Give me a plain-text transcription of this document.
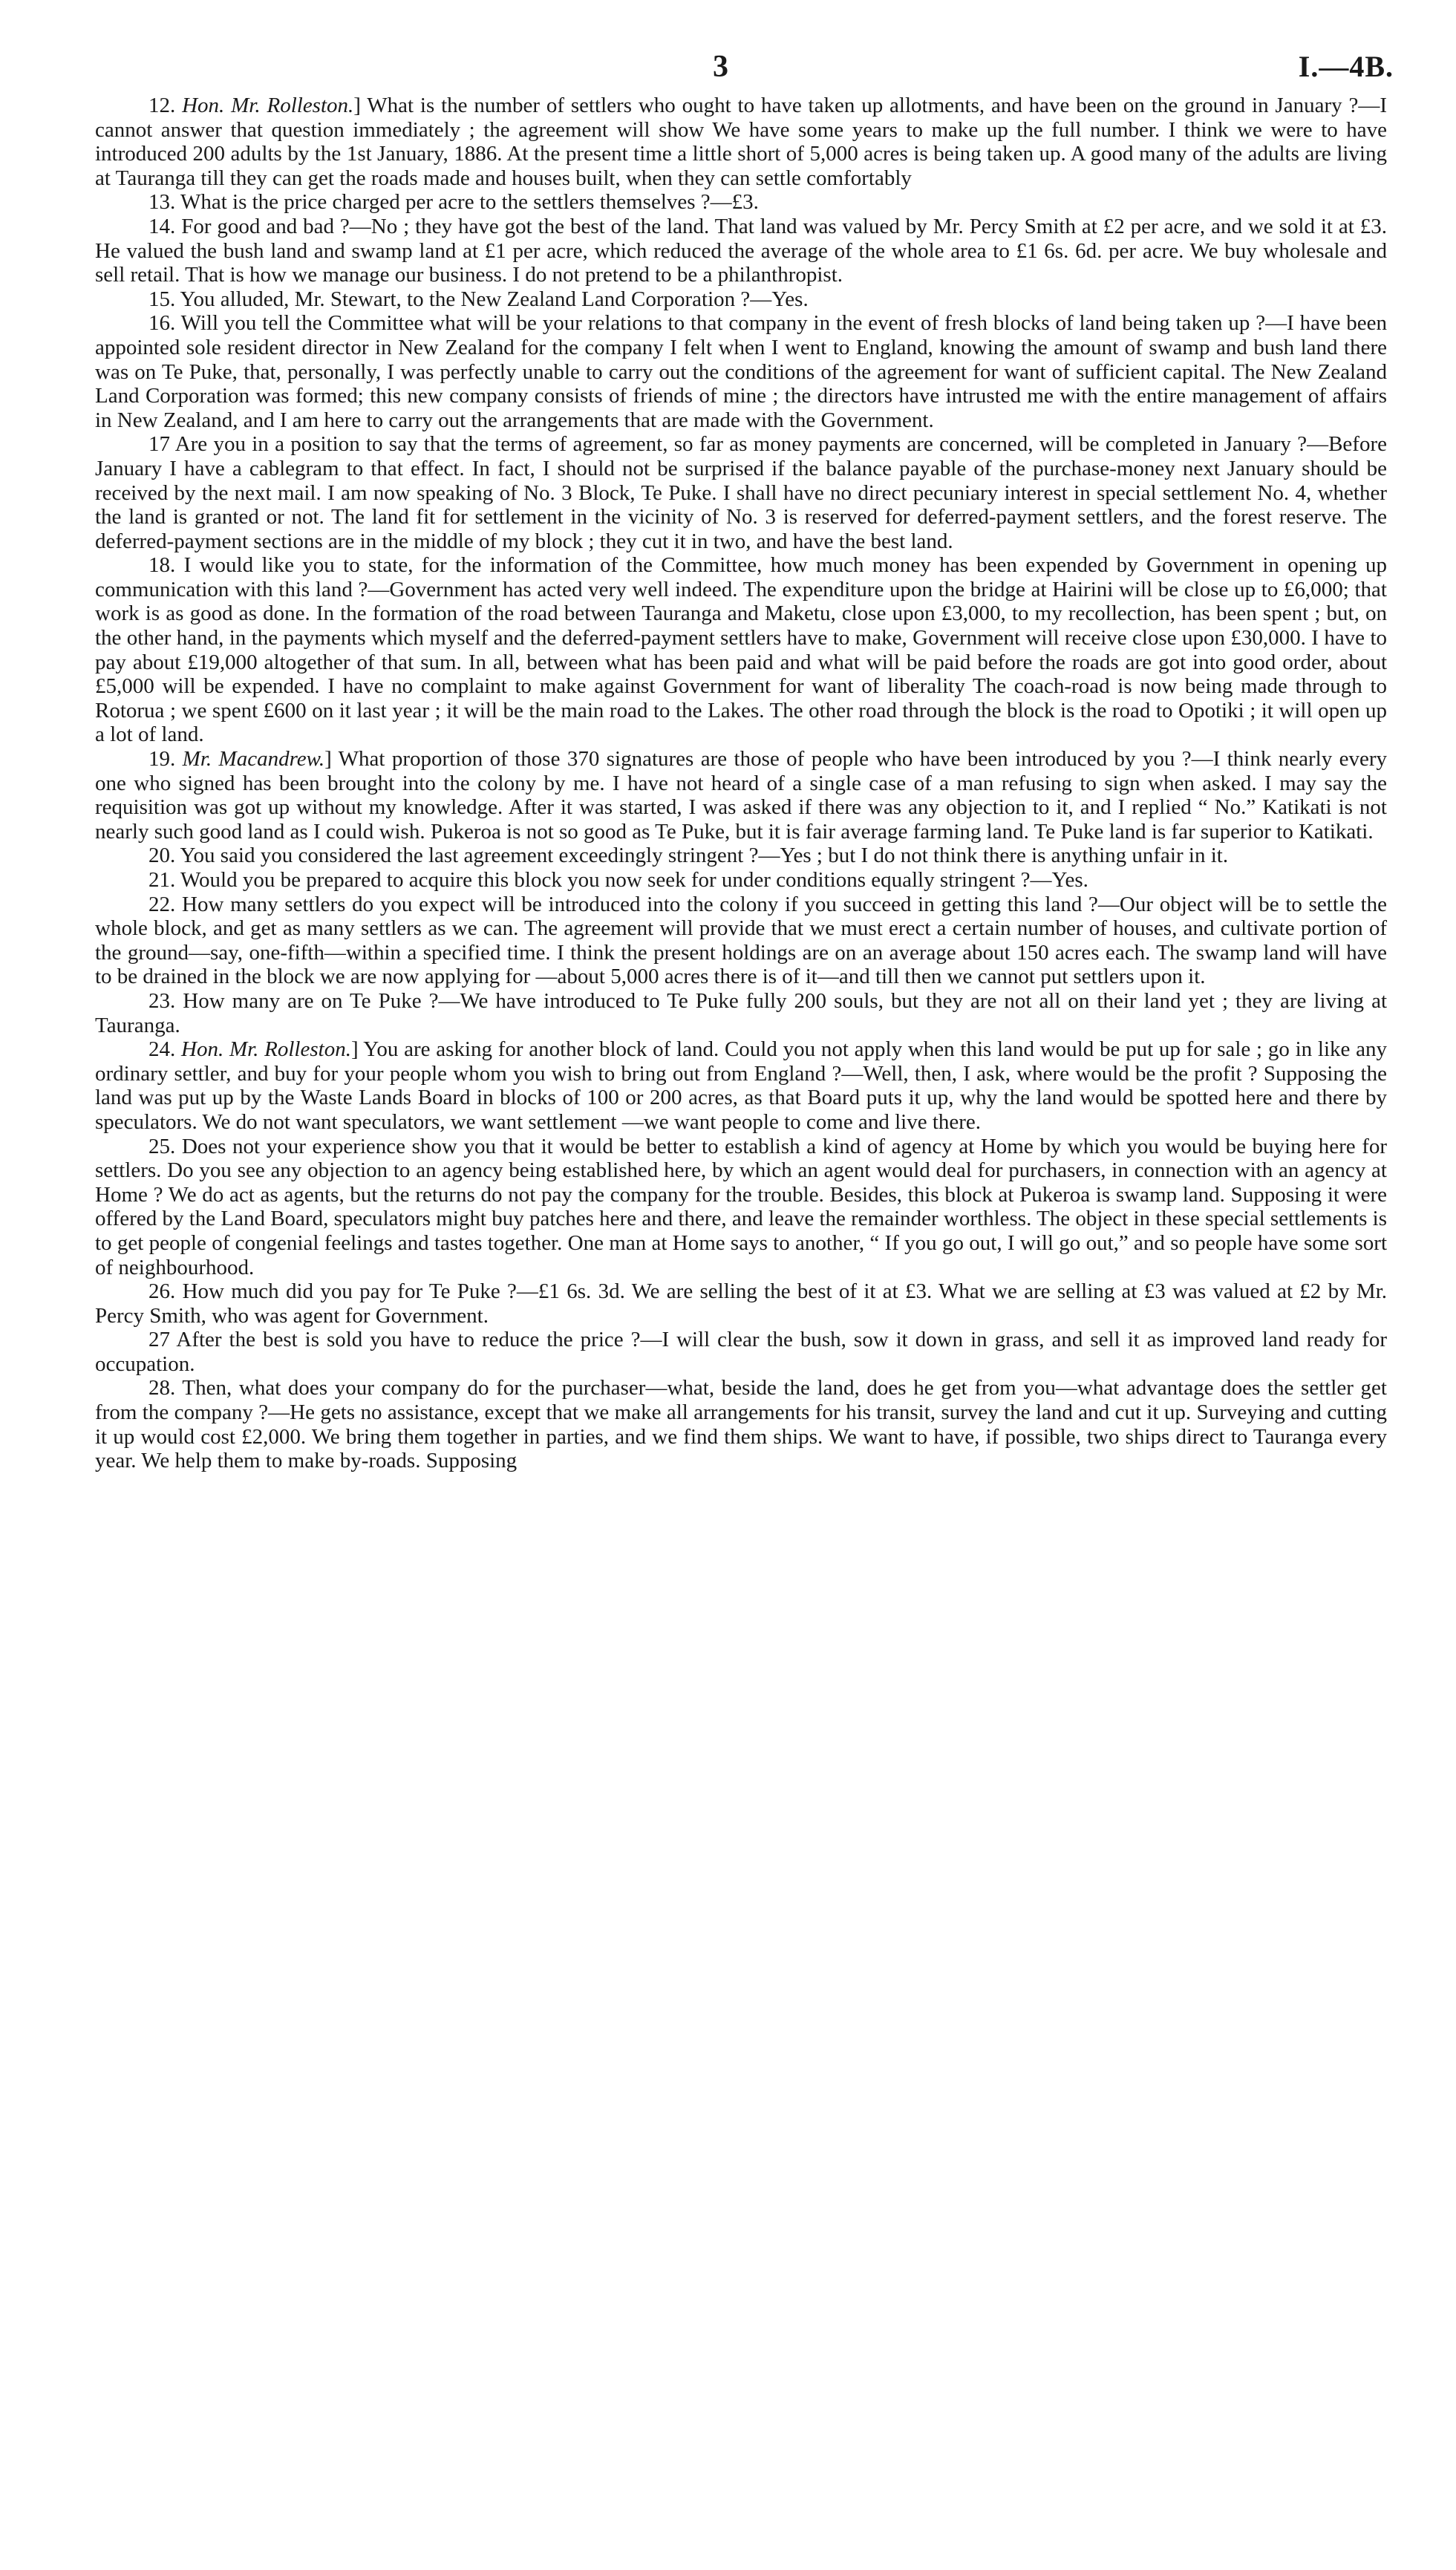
3	I.—4B.

12. Hon. Mr. Rolleston.] What is the number of settlers who ought to have taken up allotments, and have been on the ground in January ?—I cannot answer that question immediately ; the agreement will show We have some years to make up the full number. I think we were to have introduced 200 adults by the 1st January, 1886. At the present time a little short of 5,000 acres is being taken up. A good many of the adults are living at Tauranga till they can get the roads made and houses built, when they can settle comfortably

13. What is the price charged per acre to the settlers themselves ?—£3.

14. For good and bad ?—No ; they have got the best of the land. That land was valued by Mr. Percy Smith at £2 per acre, and we sold it at £3. He valued the bush land and swamp land at £1 per acre, which reduced the average of the whole area to £1 6s. 6d. per acre. We buy wholesale and sell retail. That is how we manage our business. I do not pretend to be a philanthropist.

15. You alluded, Mr. Stewart, to the New Zealand Land Corporation ?—Yes.

16. Will you tell the Committee what will be your relations to that company in the event of fresh blocks of land being taken up ?—I have been appointed sole resident director in New Zealand for the company I felt when I went to England, knowing the amount of swamp and bush land there was on Te Puke, that, personally, I was perfectly unable to carry out the conditions of the agreement for want of sufficient capital. The New Zealand Land Corporation was formed; this new company consists of friends of mine ; the directors have intrusted me with the entire management of affairs in New Zealand, and I am here to carry out the arrangements that are made with the Government.

17 Are you in a position to say that the terms of agreement, so far as money payments are concerned, will be completed in January ?—Before January I have a cablegram to that effect. In fact, I should not be surprised if the balance payable of the purchase-money next January should be received by the next mail. I am now speaking of No. 3 Block, Te Puke. I shall have no direct pecuniary interest in special settlement No. 4, whether the land is granted or not. The land fit for settlement in the vicinity of No. 3 is reserved for deferred-payment settlers, and the forest reserve. The deferred-payment sections are in the middle of my block ; they cut it in two, and have the best land.

18. I would like you to state, for the information of the Committee, how much money has been expended by Government in opening up communication with this land ?—Government has acted very well indeed. The expenditure upon the bridge at Hairini will be close up to £6,000; that work is as good as done. In the formation of the road between Tauranga and Maketu, close upon £3,000, to my recollection, has been spent ; but, on the other hand, in the payments which myself and the deferred-payment settlers have to make, Government will receive close upon £30,000. I have to pay about £19,000 altogether of that sum. In all, between what has been paid and what will be paid before the roads are got into good order, about £5,000 will be expended. I have no complaint to make against Government for want of liberality The coach-road is now being made through to Rotorua ; we spent £600 on it last year ; it will be the main road to the Lakes. The other road through the block is the road to Opotiki ; it will open up a lot of land.

19. Mr. Macandrew.] What proportion of those 370 signatures are those of people who have been introduced by you ?—I think nearly every one who signed has been brought into the colony by me. I have not heard of a single case of a man refusing to sign when asked. I may say the requisition was got up without my knowledge. After it was started, I was asked if there was any objection to it, and I replied “ No.” Katikati is not nearly such good land as I could wish. Pukeroa is not so good as Te Puke, but it is fair average farming land. Te Puke land is far superior to Katikati.

20. You said you considered the last agreement exceedingly stringent ?—Yes ; but I do not think there is anything unfair in it.

21. Would you be prepared to acquire this block you now seek for under conditions equally stringent ?—Yes.

22. How many settlers do you expect will be introduced into the colony if you succeed in getting this land ?—Our object will be to settle the whole block, and get as many settlers as we can. The agreement will provide that we must erect a certain number of houses, and cultivate portion of the ground—say, one-fifth—within a specified time. I think the present holdings are on an average about 150 acres each. The swamp land will have to be drained in the block we are now applying for —about 5,000 acres there is of it—and till then we cannot put settlers upon it.

23. How many are on Te Puke ?—We have introduced to Te Puke fully 200 souls, but they are not all on their land yet ; they are living at Tauranga.

24. Hon. Mr. Rolleston.] You are asking for another block of land. Could you not apply when this land would be put up for sale ; go in like any ordinary settler, and buy for your people whom you wish to bring out from England ?—Well, then, I ask, where would be the profit ? Supposing the land was put up by the Waste Lands Board in blocks of 100 or 200 acres, as that Board puts it up, why the land would be spotted here and there by speculators. We do not want speculators, we want settlement —we want people to come and live there.

25. Does not your experience show you that it would be better to establish a kind of agency at Home by which you would be buying here for settlers. Do you see any objection to an agency being established here, by which an agent would deal for purchasers, in connection with an agency at Home ? We do act as agents, but the returns do not pay the company for the trouble. Besides, this block at Pukeroa is swamp land. Supposing it were offered by the Land Board, speculators might buy patches here and there, and leave the remainder worthless. The object in these special settlements is to get people of congenial feelings and tastes together. One man at Home says to another, “ If you go out, I will go out,” and so people have some sort of neighbourhood.

26. How much did you pay for Te Puke ?—£1 6s. 3d. We are selling the best of it at £3. What we are selling at £3 was valued at £2 by Mr. Percy Smith, who was agent for Government.

27 After the best is sold you have to reduce the price ?—I will clear the bush, sow it down in grass, and sell it as improved land ready for occupation.

28. Then, what does your company do for the purchaser—what, beside the land, does he get from you—what advantage does the settler get from the company ?—He gets no assistance, except that we make all arrangements for his transit, survey the land and cut it up. Surveying and cutting it up would cost £2,000. We bring them together in parties, and we find them ships. We want to have, if possible, two ships direct to Tauranga every year. We help them to make by-roads. Supposing
